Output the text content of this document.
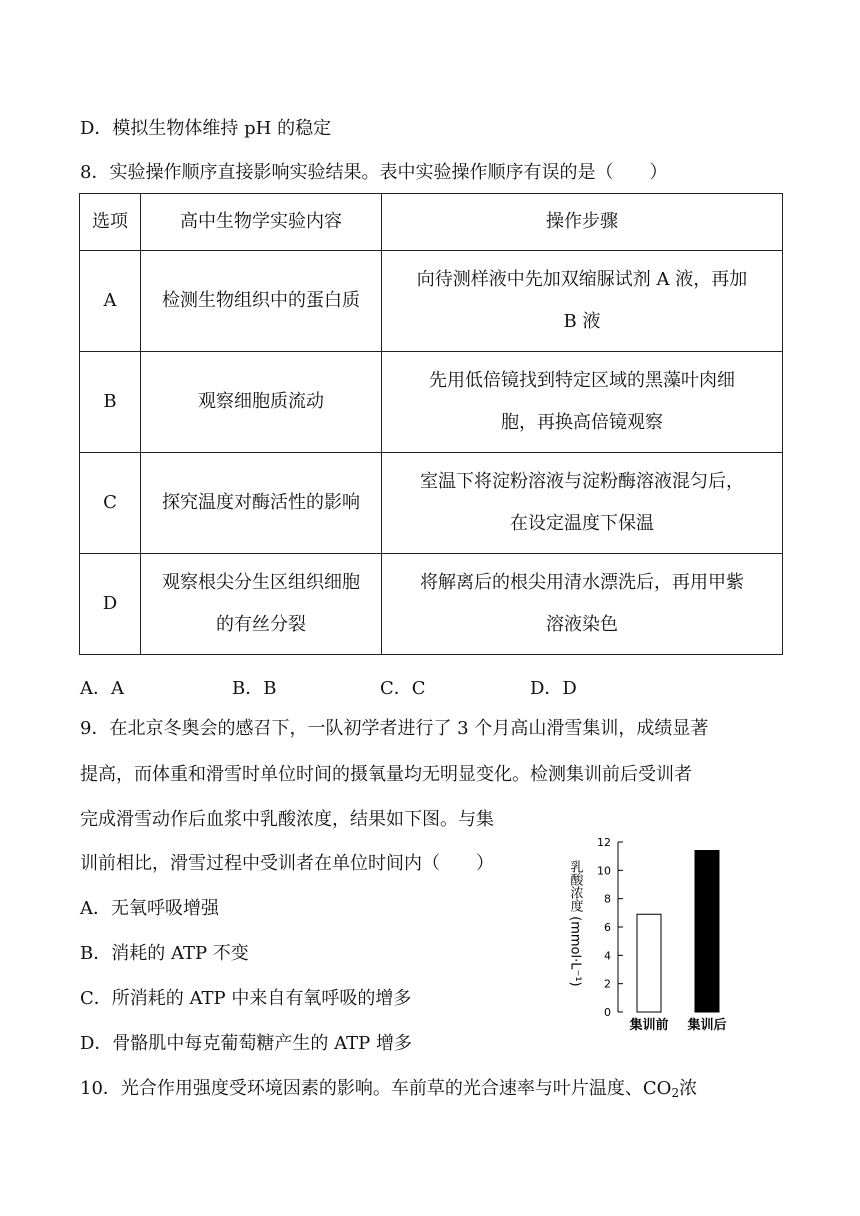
D．模拟生物体维持 pH 的稳定
8．实验操作顺序直接影响实验结果。表中实验操作顺序有误的是（　　）
选项	高中生物学实验内容	操作步骤
A	检测生物组织中的蛋白质	向待测样液中先加双缩脲试剂 A 液，再加
B 液
B	观察细胞质流动	先用低倍镜找到特定区域的黑藻叶肉细
胞，再换高倍镜观察
C	探究温度对酶活性的影响	室温下将淀粉溶液与淀粉酶溶液混匀后，
在设定温度下保温
D	观察根尖分生区组织细胞
的有丝分裂	将解离后的根尖用清水漂洗后，再用甲紫
溶液染色
A．A	B．B	C．C	D．D
9．在北京冬奥会的感召下，一队初学者进行了 3 个月高山滑雪集训，成绩显著
提高，而体重和滑雪时单位时间的摄氧量均无明显变化。检测集训前后受训者
完成滑雪动作后血浆中乳酸浓度，结果如下图。与集
训前相比，滑雪过程中受训者在单位时间内（　　）
A．无氧呼吸增强
B．消耗的 ATP 不变
C．所消耗的 ATP 中来自有氧呼吸的增多
D．骨骼肌中每克葡萄糖产生的 ATP 增多
10．光合作用强度受环境因素的影响。车前草的光合速率与叶片温度、$CO_2$浓
0
2
4
6
8
10
12
集训前 集训后
乳酸浓度 (mmol·L⁻¹)
